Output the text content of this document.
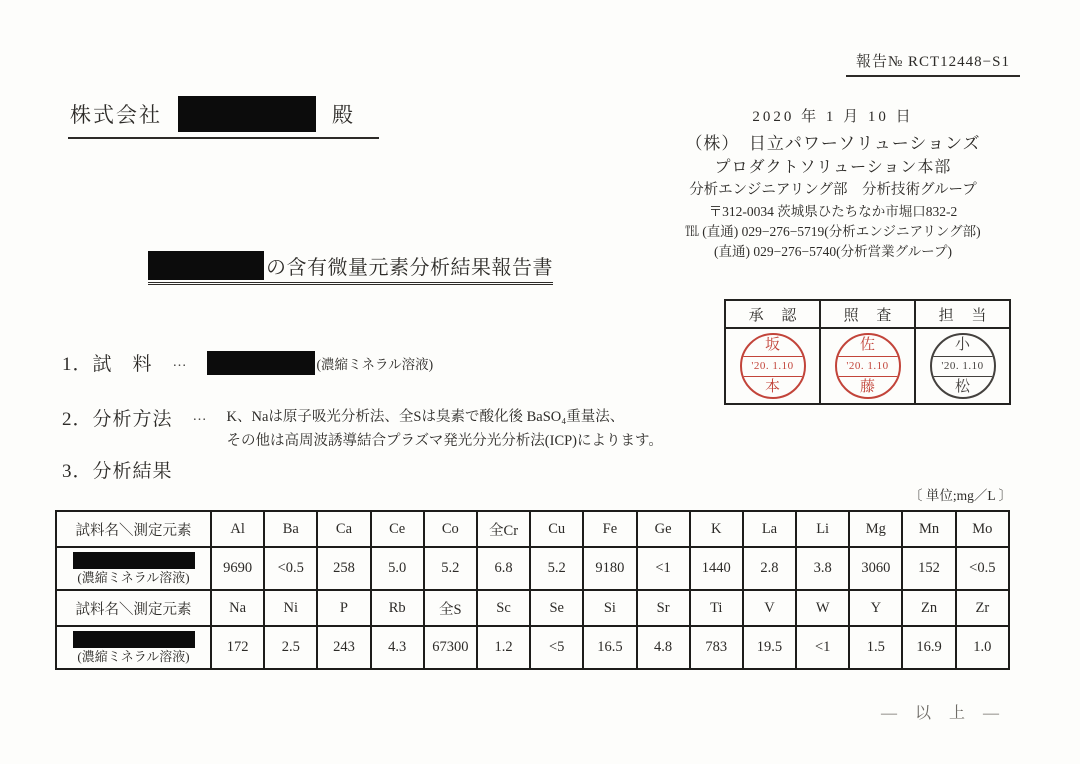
報告№ RCT12448−S1
株式会社	殿	2020 年 1 月 10 日
（株）　日立パワーソリューションズ
プロダクトソリューション本部
分析エンジニアリング部　分析技術グループ
〒312-0034 茨城県ひたちなか市堀口832-2
℡ (直通) 029−276−5719(分析エンジニアリング部)
(直通) 029−276−5740(分析営業グループ)
の含有微量元素分析結果報告書
承 認	照 査	担 当

坂
'20. 1.10
本

佐
'20. 1.10
藤

小
'20. 1.10
松
1．試　料 …	(濃縮ミネラル溶液)
2．分析方法 … K、Naは原子吸光分析法、全Sは臭素で酸化後 BaSO₄重量法、
その他は高周波誘導結合プラズマ発光分光分析法(ICP)によります。
3．分析結果
〔 単位;mg／L 〕
試料名＼測定元素	Al	Ba	Ca	Ce	Co	全Cr	Cu	Fe	Ge	K	La	Li	Mg	Mn	Mo

(濃縮ミネラル溶液)	9690	<0.5	258	5.0	5.2	6.8	5.2	9180	<1	1440	2.8	3.8	3060	152	<0.5
試料名＼測定元素	Na	Ni	P	Rb	全S	Sc	Se	Si	Sr	Ti	V	W	Y	Zn	Zr

(濃縮ミネラル溶液)	172	2.5	243	4.3	67300	1.2	<5	16.5	4.8	783	19.5	<1	1.5	16.9	1.0
― 以 上 ―
